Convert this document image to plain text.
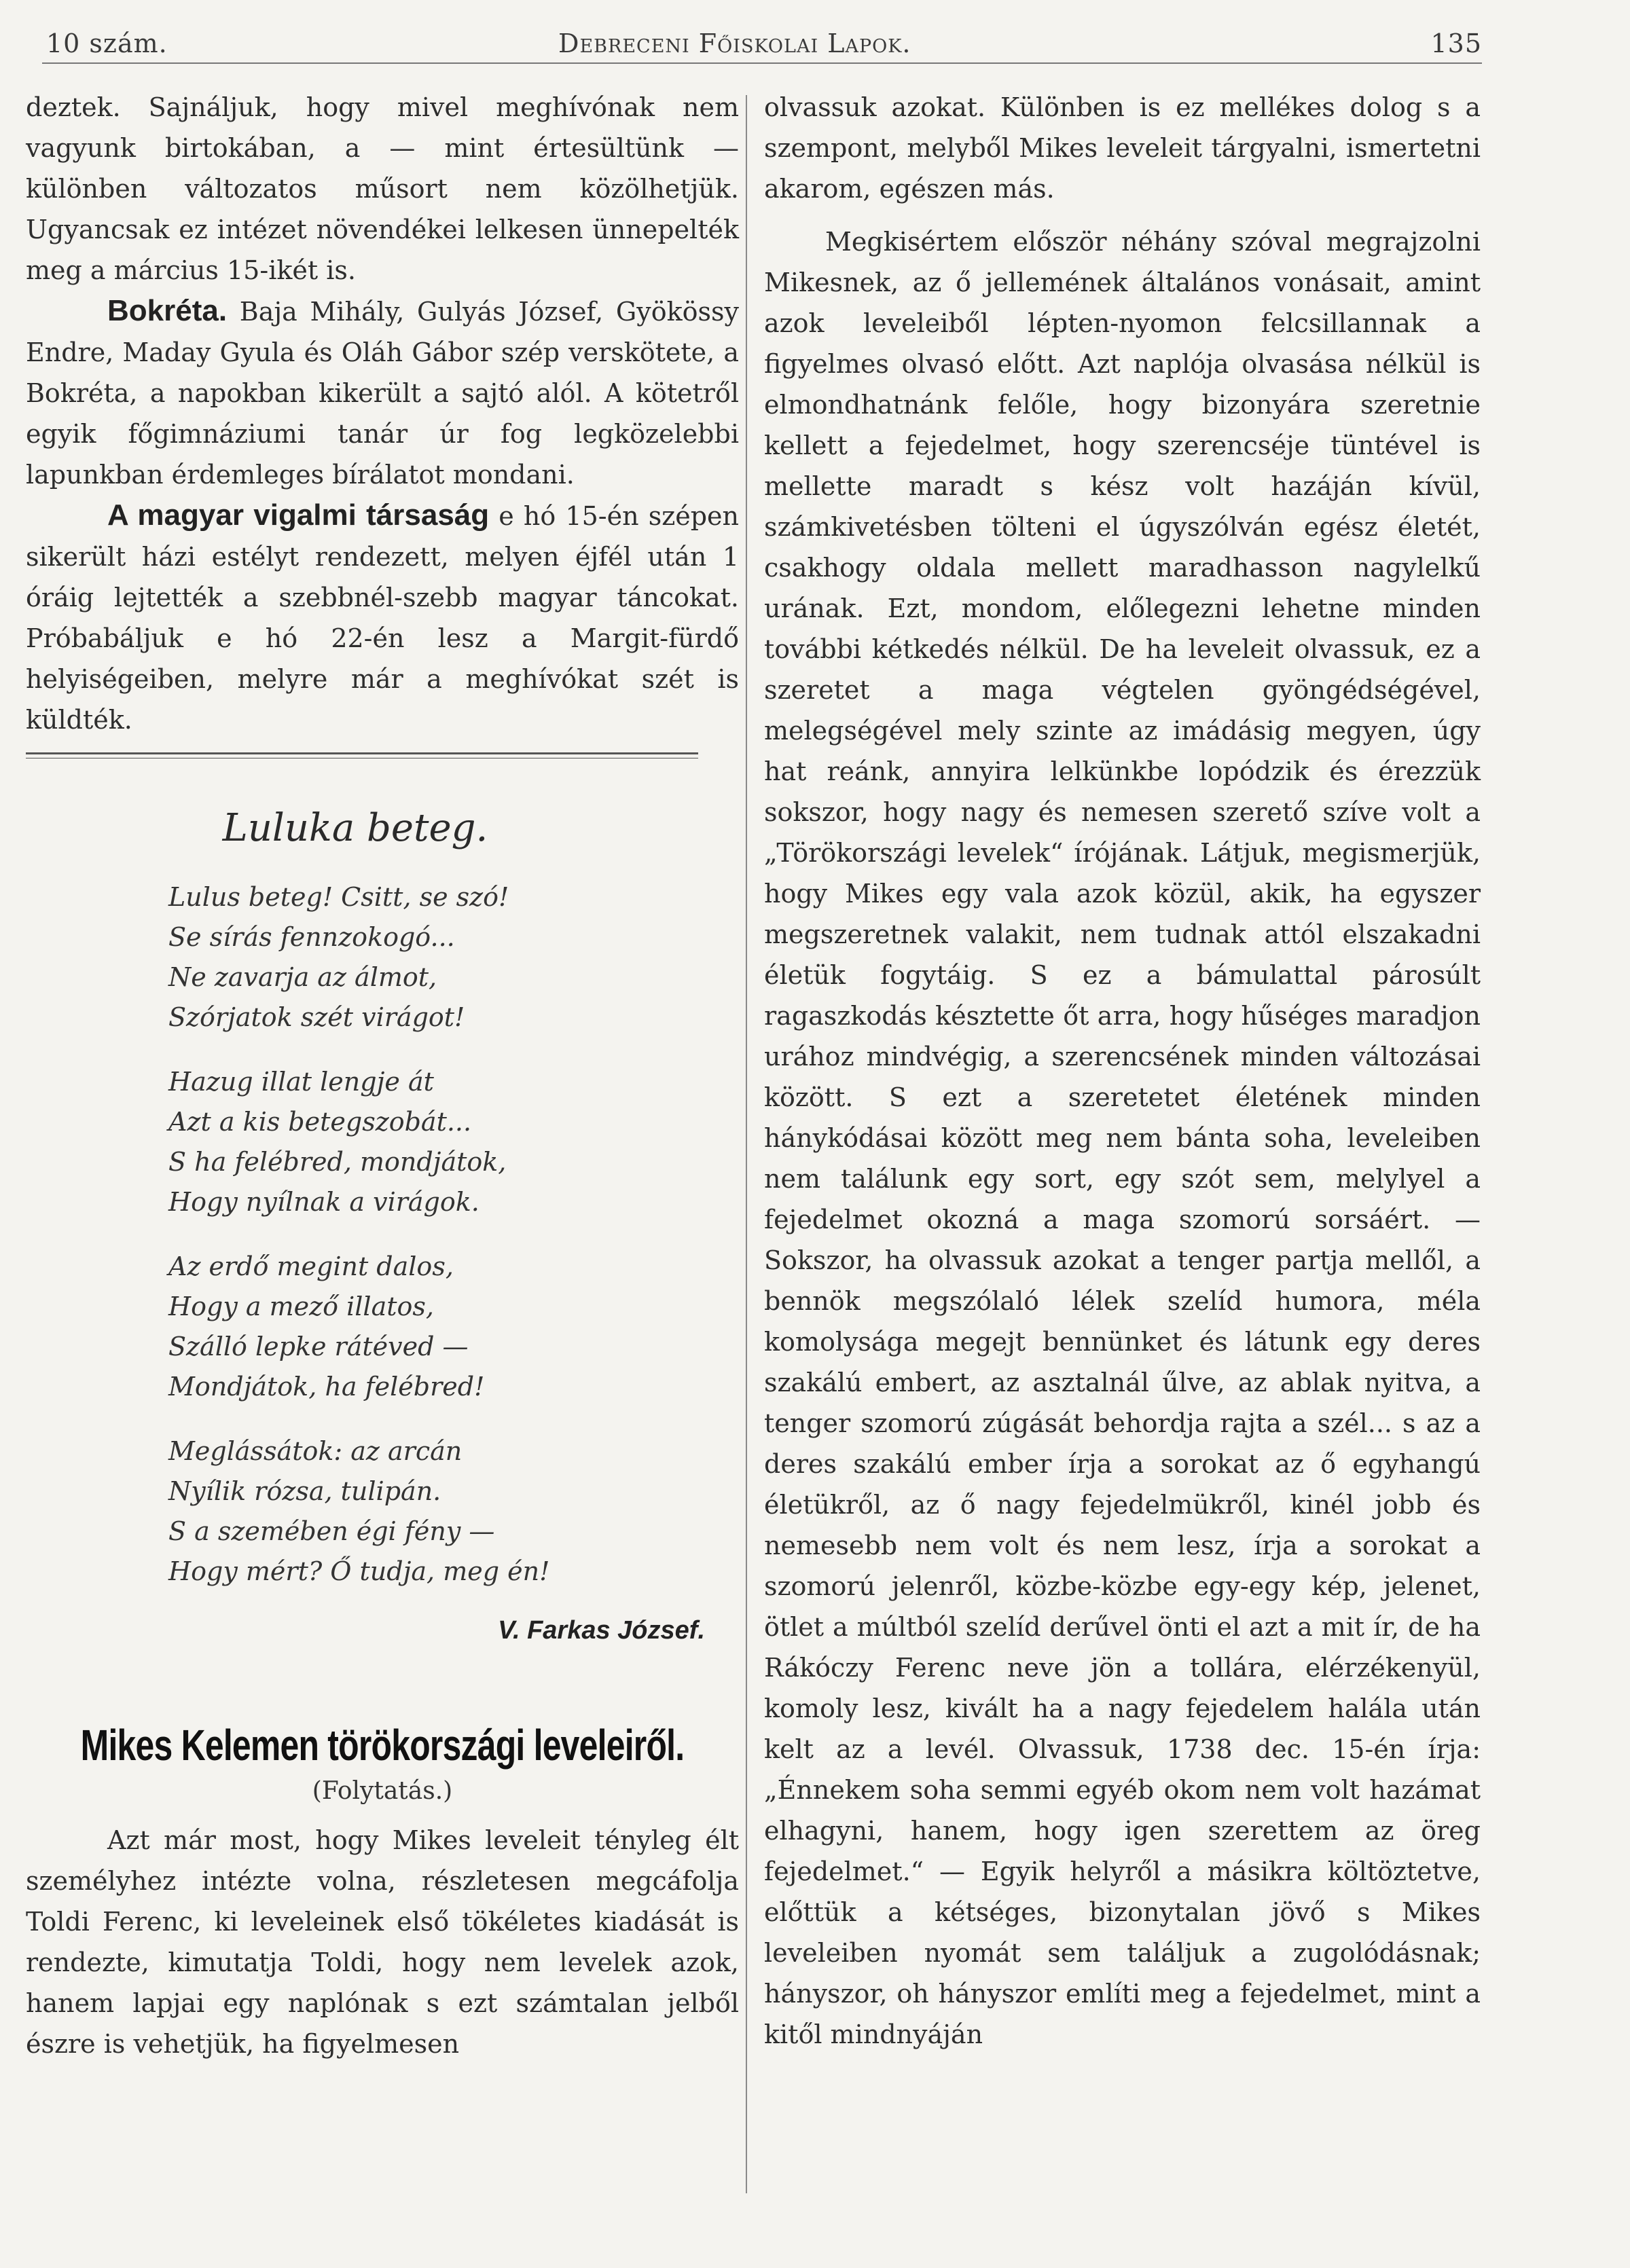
10 szám.	Debreceni Főiskolai Lapok.	135

deztek. Sajnáljuk, hogy mivel meghívónak nem vagyunk birtokában, a — mint értesültünk — különben változatos műsort nem közölhetjük. Ugyancsak ez intézet növendékei lelkesen ünnepelték meg a március 15-ikét is.

Bokréta. Baja Mihály, Gulyás József, Gyökössy Endre, Maday Gyula és Oláh Gábor szép verskötete, a Bokréta, a napokban kikerült a sajtó alól. A kötetről egyik főgimnáziumi tanár úr fog legközelebbi lapunkban érdemleges bírálatot mondani.

A magyar vigalmi társaság e hó 15-én szépen sikerült házi estélyt rendezett, melyen éjfél után 1 óráig lejtették a szebbnél-szebb magyar táncokat. Próbabáljuk e hó 22-én lesz a Margit-fürdő helyiségeiben, melyre már a meghívókat szét is küldték.

Luluka beteg.
Lulus beteg! Csitt, se szó!
Se sírás fennzokogó...
Ne zavarja az álmot,
Szórjatok szét virágot!
Hazug illat lengje át
Azt a kis betegszobát...
S ha felébred, mondjátok,
Hogy nyílnak a virágok.
Az erdő megint dalos,
Hogy a mező illatos,
Szálló lepke rátéved —
Mondjátok, ha felébred!
Meglássátok: az arcán
Nyílik rózsa, tulipán.
S a szemében égi fény —
Hogy mért? Ő tudja, meg én!
V. Farkas József.
Mikes Kelemen törökországi leveleiről.
(Folytatás.)

Azt már most, hogy Mikes leveleit tényleg élt személyhez intézte volna, részletesen megcáfolja Toldi Ferenc, ki leveleinek első tökéletes kiadását is rendezte, kimutatja Toldi, hogy nem levelek azok, hanem lapjai egy naplónak s ezt számtalan jelből észre is vehetjük, ha figyelmesen

olvassuk azokat. Különben is ez mellékes dolog s a szempont, melyből Mikes leveleit tárgyalni, ismertetni akarom, egészen más.

Megkisértem először néhány szóval megrajzolni Mikesnek, az ő jellemének általános vonásait, amint azok leveleiből lépten-nyomon felcsillannak a figyelmes olvasó előtt. Azt naplója olvasása nélkül is elmondhatnánk felőle, hogy bizonyára szeretnie kellett a fejedelmet, hogy szerencséje tüntével is mellette maradt s kész volt hazáján kívül, számkivetésben tölteni el úgyszólván egész életét, csakhogy oldala mellett maradhasson nagylelkű urának. Ezt, mondom, előlegezni lehetne minden további kétkedés nélkül. De ha leveleit olvassuk, ez a szeretet a maga végtelen gyöngédségével, melegségével mely szinte az imádásig megyen, úgy hat reánk, annyira lelkünkbe lopódzik és érezzük sokszor, hogy nagy és nemesen szerető szíve volt a „Törökországi levelek“ írójának. Látjuk, megismerjük, hogy Mikes egy vala azok közül, akik, ha egyszer megszeretnek valakit, nem tudnak attól elszakadni életük fogytáig. S ez a bámulattal párosúlt ragaszkodás késztette őt arra, hogy hűséges maradjon urához mindvégig, a szerencsének minden változásai között. S ezt a szeretetet életének minden hánykódásai között meg nem bánta soha, leveleiben nem találunk egy sort, egy szót sem, melylyel a fejedelmet okozná a maga szomorú sorsáért. — Sokszor, ha olvassuk azokat a tenger partja mellől, a bennök megszólaló lélek szelíd humora, méla komolysága megejt bennünket és látunk egy deres szakálú embert, az asztalnál űlve, az ablak nyitva, a tenger szomorú zúgását behordja rajta a szél... s az a deres szakálú ember írja a sorokat az ő egyhangú életükről, az ő nagy fejedelmükről, kinél jobb és nemesebb nem volt és nem lesz, írja a sorokat a szomorú jelenről, közbe-közbe egy-egy kép, jelenet, ötlet a múltból szelíd derűvel önti el azt a mit ír, de ha Rákóczy Ferenc neve jön a tollára, elérzékenyül, komoly lesz, kivált ha a nagy fejedelem halála után kelt az a levél. Olvassuk, 1738 dec. 15-én írja: „Énnekem soha semmi egyéb okom nem volt hazámat elhagyni, hanem, hogy igen szerettem az öreg fejedelmet.“ — Egyik helyről a másikra költöztetve, előttük a kétséges, bizonytalan jövő s Mikes leveleiben nyomát sem találjuk a zugolódásnak; hányszor, oh hányszor említi meg a fejedelmet, mint a kitől mindnyáján
